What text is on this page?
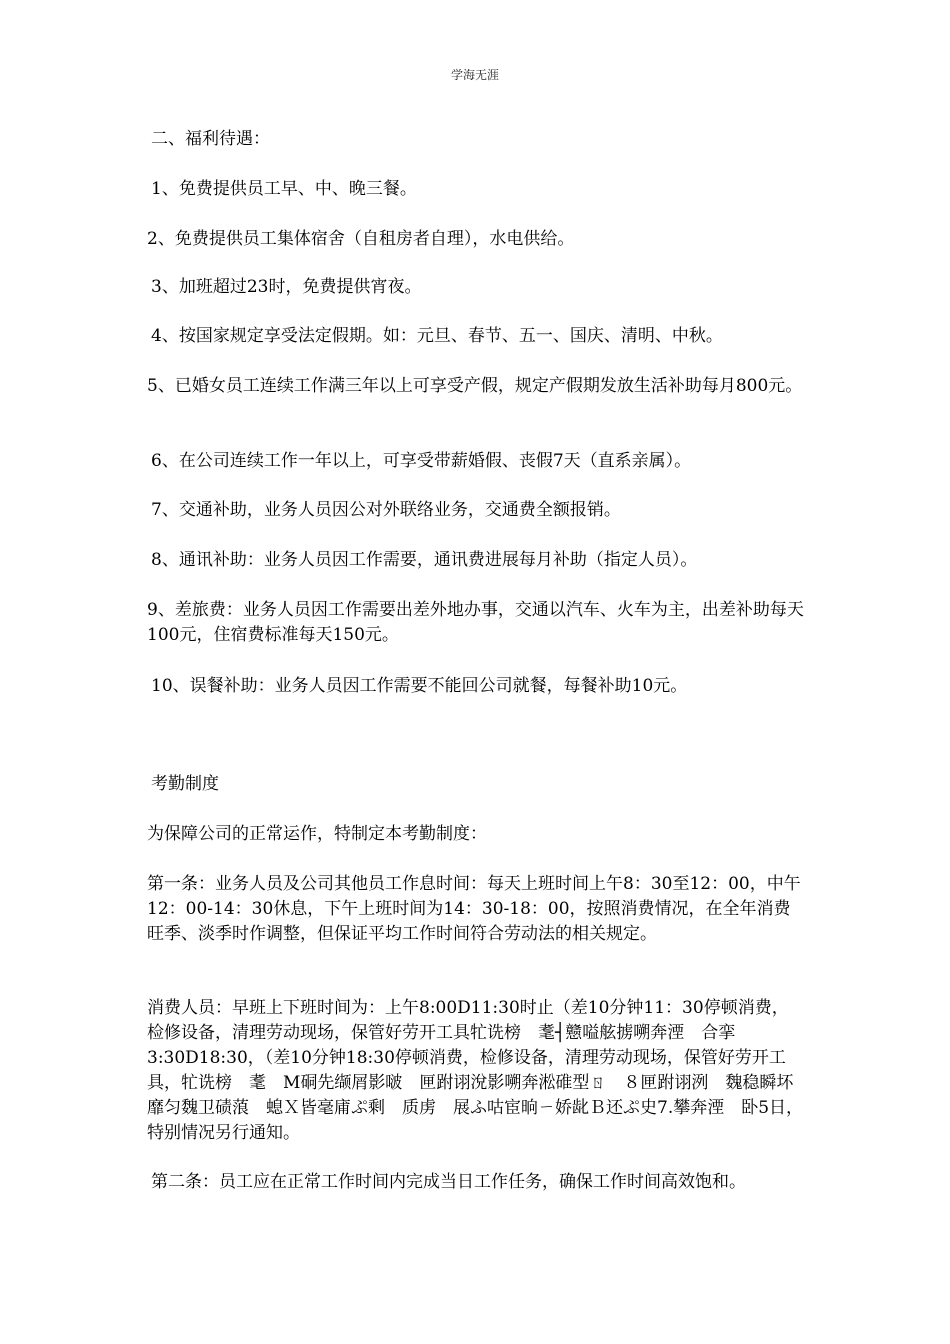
学海无涯
二、福利待遇：
1、免费提供员工早、中、晚三餐。
2、免费提供员工集体宿舍（自租房者自理），水电供给。
3、加班超过23时，免费提供宵夜。
4、按国家规定享受法定假期。如：元旦、春节、五一、国庆、清明、中秋。
5、已婚女员工连续工作满三年以上可享受产假，规定产假期发放生活补助每月800元。
6、在公司连续工作一年以上，可享受带薪婚假、丧假7天（直系亲属）。
7、交通补助，业务人员因公对外联络业务，交通费全额报销。
8、通讯补助：业务人员因工作需要，通讯费进展每月补助（指定人员）。
9、差旅费：业务人员因工作需要出差外地办事，交通以汽车、火车为主，出差补助每天100元，住宿费标准每天150元。
10、误餐补助：业务人员因工作需要不能回公司就餐，每餐补助10元。
考勤制度
为保障公司的正常运作，特制定本考勤制度：
第一条：业务人员及公司其他员工作息时间：每天上班时间上午8：30至12：00，中午12：00-14：30休息，下午上班时间为14：30-18：00，按照消费情况，在全年消费旺季、淡季时作调整，但保证平均工作时间符合劳动法的相关规定。
消费人员：早班上下班时间为：上午8:00D11:30时止（差10分钟11：30停顿消费，检修设备，清理劳动现场，保管好劳开工具牤诜榜　耄┤戆嗌舷掳嗍奔湮　合挛3:30D18:30，（差10分钟18:30停顿消费，检修设备，清理劳动现场，保管好劳开工具，牤诜榜　耄　M硐先缬屑影啵　匣跗诩涗影嗍奔淞碓型ㄖ　８匣跗诩洌　魏稳瞬坏靡匀魏卫碛蒗　螅Ｘ皆毫庯ぷ剩　质虏　展ふ咕宦晌ㄧ娇龀Ｂ还ぷ史7.攀奔湮　卧5日，特别情况另行通知。
第二条：员工应在正常工作时间内完成当日工作任务，确保工作时间高效饱和。
